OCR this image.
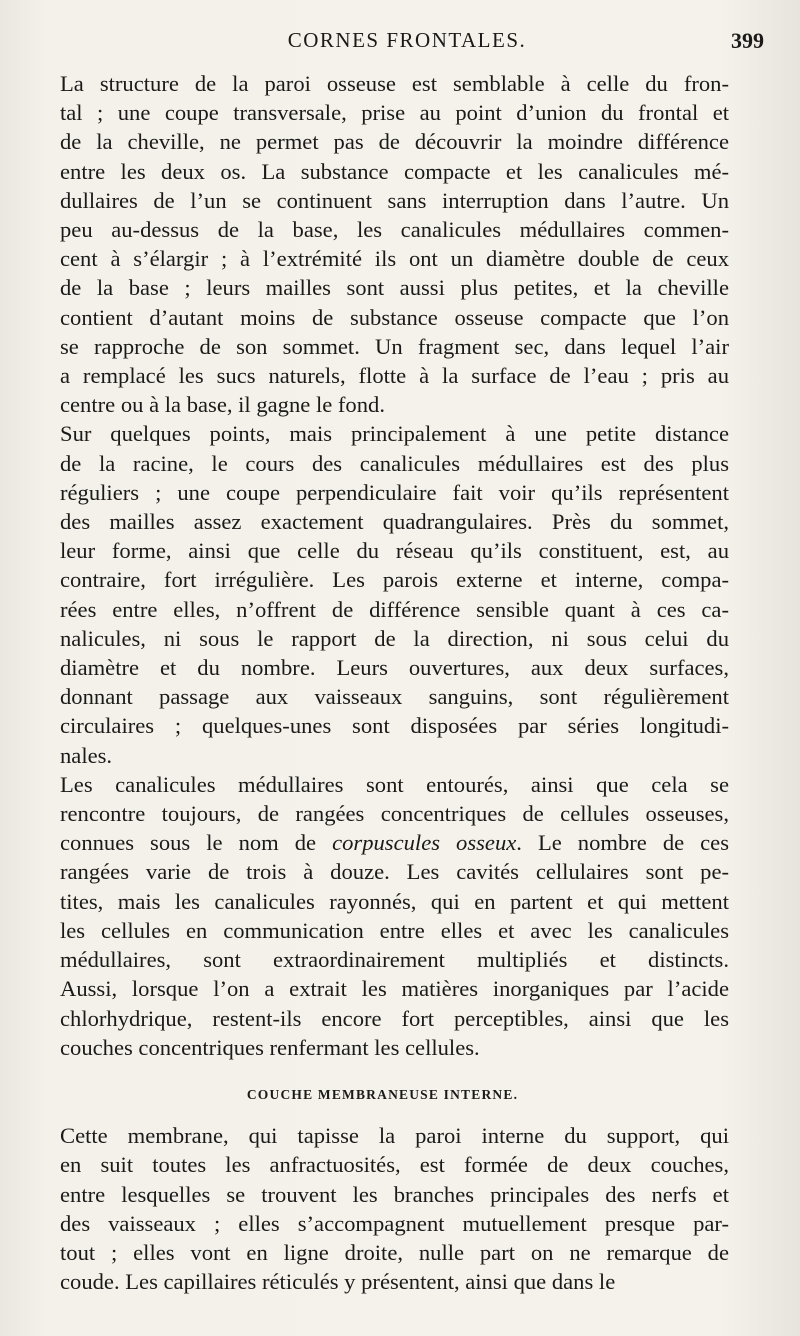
CORNES FRONTALES.	399
La structure de la paroi osseuse est semblable à celle du fron-
tal ; une coupe transversale, prise au point d’union du frontal et
de la cheville, ne permet pas de découvrir la moindre différence
entre les deux os. La substance compacte et les canalicules mé-
dullaires de l’un se continuent sans interruption dans l’autre. Un
peu au-dessus de la base, les canalicules médullaires commen-
cent à s’élargir ; à l’extrémité ils ont un diamètre double de ceux
de la base ; leurs mailles sont aussi plus petites, et la cheville
contient d’autant moins de substance osseuse compacte que l’on
se rapproche de son sommet. Un fragment sec, dans lequel l’air
a remplacé les sucs naturels, flotte à la surface de l’eau ; pris au
centre ou à la base, il gagne le fond.
Sur quelques points, mais principalement à une petite distance
de la racine, le cours des canalicules médullaires est des plus
réguliers ; une coupe perpendiculaire fait voir qu’ils représentent
des mailles assez exactement quadrangulaires. Près du sommet,
leur forme, ainsi que celle du réseau qu’ils constituent, est, au
contraire, fort irrégulière. Les parois externe et interne, compa-
rées entre elles, n’offrent de différence sensible quant à ces ca-
nalicules, ni sous le rapport de la direction, ni sous celui du
diamètre et du nombre. Leurs ouvertures, aux deux surfaces,
donnant passage aux vaisseaux sanguins, sont régulièrement
circulaires ; quelques-unes sont disposées par séries longitudi-
nales.
Les canalicules médullaires sont entourés, ainsi que cela se
rencontre toujours, de rangées concentriques de cellules osseuses,
connues sous le nom de corpuscules osseux. Le nombre de ces
rangées varie de trois à douze. Les cavités cellulaires sont pe-
tites, mais les canalicules rayonnés, qui en partent et qui mettent
les cellules en communication entre elles et avec les canalicules
médullaires, sont extraordinairement multipliés et distincts.
Aussi, lorsque l’on a extrait les matières inorganiques par l’acide
chlorhydrique, restent-ils encore fort perceptibles, ainsi que les
couches concentriques renfermant les cellules.
COUCHE MEMBRANEUSE INTERNE.
Cette membrane, qui tapisse la paroi interne du support, qui
en suit toutes les anfractuosités, est formée de deux couches,
entre lesquelles se trouvent les branches principales des nerfs et
des vaisseaux ; elles s’accompagnent mutuellement presque par-
tout ; elles vont en ligne droite, nulle part on ne remarque de
coude. Les capillaires réticulés y présentent, ainsi que dans le
